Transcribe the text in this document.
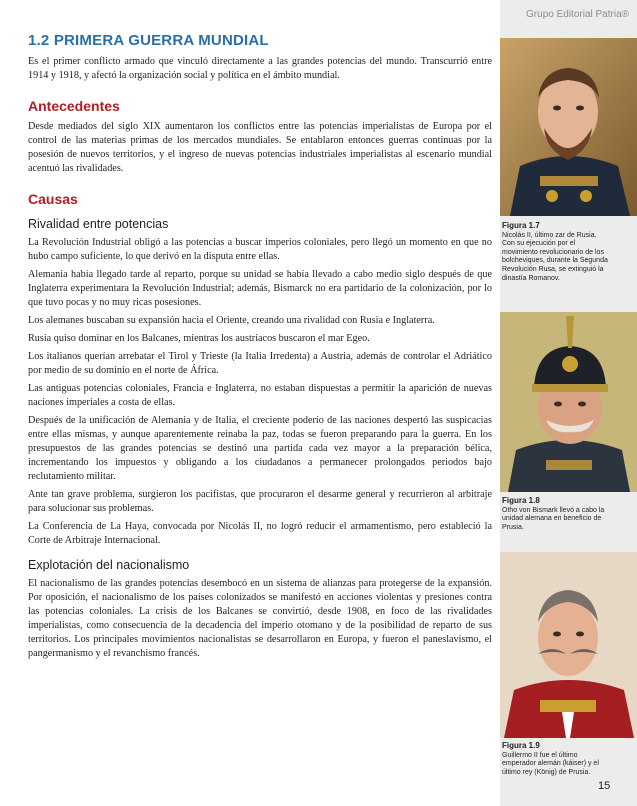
Grupo Editorial Patria®
1.2 PRIMERA GUERRA MUNDIAL

Es el primer conflicto armado que vinculó directamente a las grandes potencias del mundo. Transcurrió entre 1914 y 1918, y afectó la organización social y política en el ámbito mundial.

Antecedentes

Desde mediados del siglo XIX aumentaron los conflictos entre las potencias imperialistas de Europa por el control de las materias primas de los mercados mundiales. Se entablaron entonces guerras continuas por la posesión de nuevos territorios, y el ingreso de nuevas potencias industriales imperialistas al escenario mundial acentuó las rivalidades.

Causas
Rivalidad entre potencias

La Revolución Industrial obligó a las potencias a buscar imperios coloniales, pero llegó un momento en que no hubo campo suficiente, lo que derivó en la disputa entre ellas.

Alemania había llegado tarde al reparto, porque su unidad se había llevado a cabo medio siglo después de que Inglaterra experimentara la Revolución Industrial; además, Bismarck no era partidario de la colonización, por lo que tuvo pocas y no muy ricas posesiones.

Los alemanes buscaban su expansión hacia el Oriente, creando una rivalidad con Rusia e Inglaterra.

Rusia quiso dominar en los Balcanes, mientras los austriacos buscaron el mar Egeo.

Los italianos querían arrebatar el Tirol y Trieste (la Italia Irredenta) a Austria, además de controlar el Adriático por medio de su dominio en el norte de África.

Las antiguas potencias coloniales, Francia e Inglaterra, no estaban dispuestas a permitir la aparición de nuevas naciones imperiales a costa de ellas.

Después de la unificación de Alemania y de Italia, el creciente poderío de las naciones despertó las suspicacias entre ellas mismas, y aunque aparentemente reinaba la paz, todas se fueron preparando para la guerra. En los presupuestos de las grandes potencias se destinó una partida cada vez mayor a la preparación bélica, incrementando los impuestos y obligando a los ciudadanos a permanecer prolongados periodos bajo reclutamiento militar.

Ante tan grave problema, surgieron los pacifistas, que procuraron el desarme general y recurrieron al arbitraje para solucionar sus problemas.

La Conferencia de La Haya, convocada por Nicolás II, no logró reducir el armamentismo, pero estableció la Corte de Arbitraje Internacional.

Explotación del nacionalismo

El nacionalismo de las grandes potencias desembocó en un sistema de alianzas para protegerse de la expansión. Por oposición, el nacionalismo de los países colonizados se manifestó en acciones violentas y presiones contra las potencias coloniales. La crisis de los Balcanes se convirtió, desde 1908, en foco de las rivalidades imperialistas, como consecuencia de la decadencia del imperio otomano y de la posibilidad de reparto de sus territorios. Los principales movimientos nacionalistas se desarrollaron en Europa, y fueron el paneslavismo, el pangermanismo y el revanchismo francés.

Figura 1.7
Nicolás II, último zar de Rusia. Con su ejecución por el movimiento revolucionario de los bolcheviques, durante la Segunda Revolución Rusa, se extinguió la dinastía Romanov.
Figura 1.8
Otho von Bismark llevó a cabo la unidad alemana en beneficio de Prusia.
Figura 1.9
Guillermo II fue el último emperador alemán (káiser) y el último rey (König) de Prusia.
15
